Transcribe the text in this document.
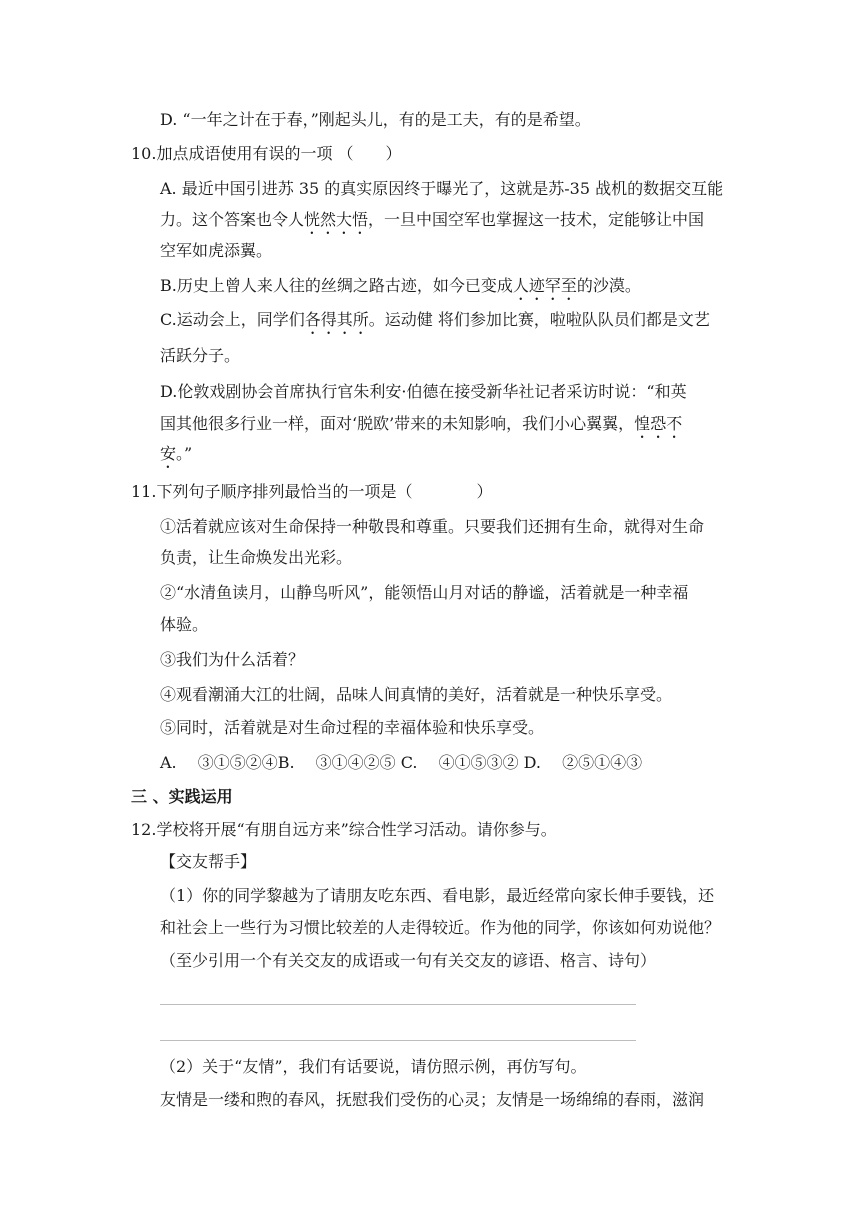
D. “一年之计在于春，”刚起头儿，有的是工夫，有的是希望。

10.加点成语使用有误的一项 （　　）

A. 最近中国引进苏 35 的真实原因终于曝光了，这就是苏-35 战机的数据交互能

力。这个答案也令人恍然大悟，一旦中国空军也掌握这一技术，定能够让中国

空军如虎添翼。

B.历史上曾人来人往的丝绸之路古迹，如今已变成人迹罕至的沙漠。

C.运动会上，同学们各得其所。运动健 将们参加比赛，啦啦队队员们都是文艺

活跃分子。

D.伦敦戏剧协会首席执行官朱利安·伯德在接受新华社记者采访时说：“和英

国其他很多行业一样，面对‘脱欧’带来的未知影响，我们小心翼翼，惶恐不

安。”

11.下列句子顺序排列最恰当的一项是（　　　　）

①活着就应该对生命保持一种敬畏和尊重。只要我们还拥有生命，就得对生命

负责，让生命焕发出光彩。

②“水清鱼读月，山静鸟听风”，能领悟山月对话的静谧，活着就是一种幸福

体验。

③我们为什么活着？

④观看潮涌大江的壮阔，品味人间真情的美好，活着就是一种快乐享受。

⑤同时，活着就是对生命过程的幸福体验和快乐享受。

A.　 ③①⑤②④B.　 ③①④②⑤ C.　 ④①⑤③② D.　 ②⑤①④③

三 、实践运用

12.学校将开展“有朋自远方来”综合性学习活动。请你参与。

【交友帮手】

（1）你的同学黎越为了请朋友吃东西、看电影，最近经常向家长伸手要钱，还

和社会上一些行为习惯比较差的人走得较近。作为他的同学，你该如何劝说他？

（至少引用一个有关交友的成语或一句有关交友的谚语、格言、诗句）

（2）关于“友情”，我们有话要说，请仿照示例，再仿写句。

友情是一缕和煦的春风，抚慰我们受伤的心灵；友情是一场绵绵的春雨，滋润
